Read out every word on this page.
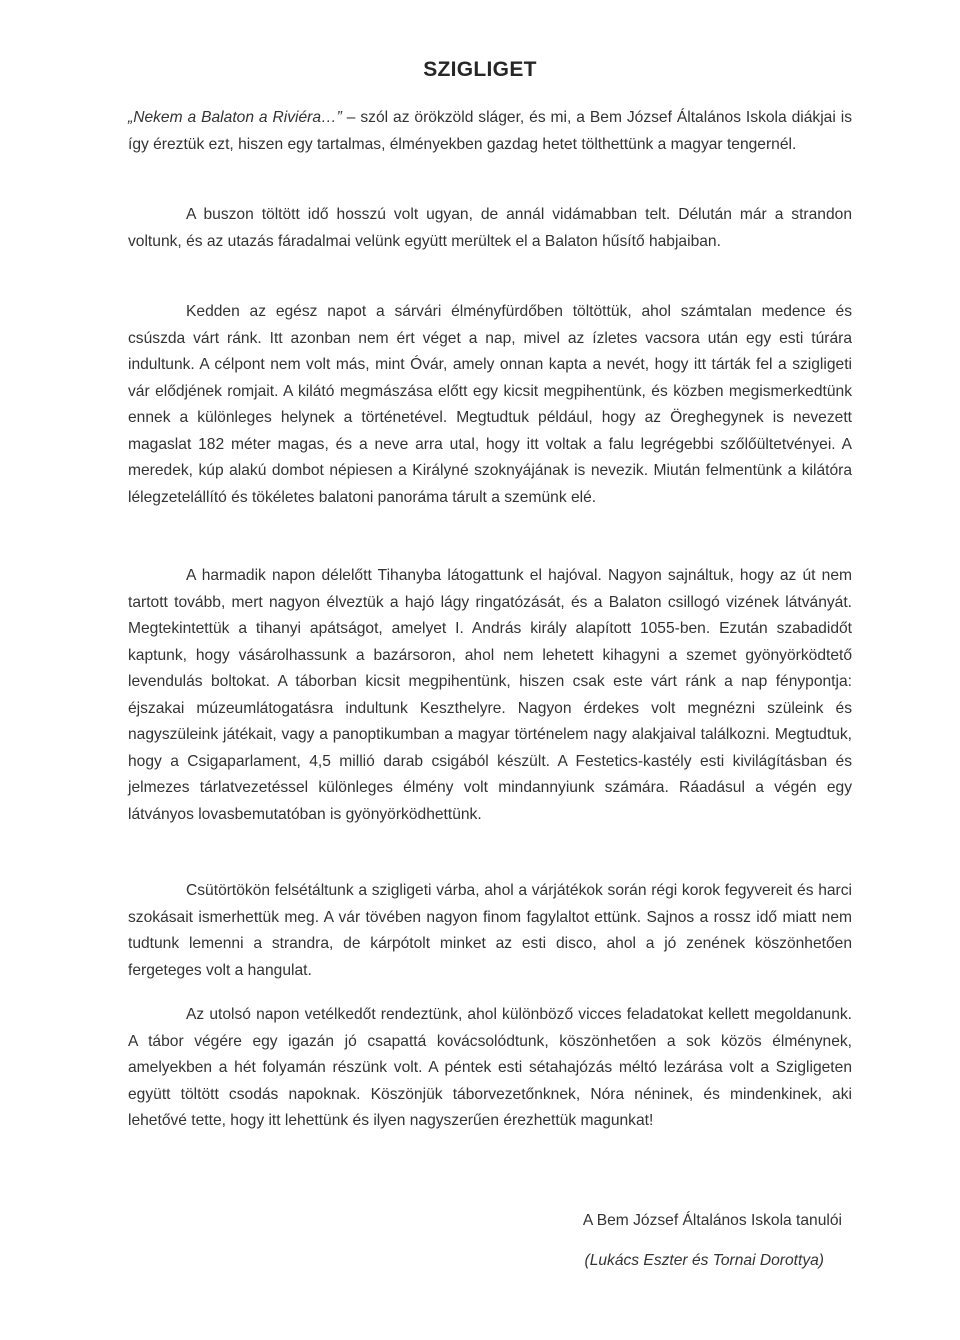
SZIGLIGET

„Nekem a Balaton a Riviéra…” – szól az örökzöld sláger, és mi, a Bem József Általános Iskola diákjai is így éreztük ezt, hiszen egy tartalmas, élményekben gazdag hetet tölthettünk a magyar tengernél.

A buszon töltött idő hosszú volt ugyan, de annál vidámabban telt. Délután már a strandon voltunk, és az utazás fáradalmai velünk együtt merültek el a Balaton hűsítő habjaiban.

Kedden az egész napot a sárvári élményfürdőben töltöttük, ahol számtalan medence és csúszda várt ránk. Itt azonban nem ért véget a nap, mivel az ízletes vacsora után egy esti túrára indultunk. A célpont nem volt más, mint Óvár, amely onnan kapta a nevét, hogy itt tárták fel a szigligeti vár elődjének romjait. A kilátó megmászása előtt egy kicsit megpihentünk, és közben megismerkedtünk ennek a különleges helynek a történetével. Megtudtuk például, hogy az Öreghegynek is nevezett magaslat 182 méter magas, és a neve arra utal, hogy itt voltak a falu legrégebbi szőlőültetvényei. A meredek, kúp alakú dombot népiesen a Királyné szoknyájának is nevezik. Miután felmentünk a kilátóra lélegzetelállító és tökéletes balatoni panoráma tárult a szemünk elé.

A harmadik napon délelőtt Tihanyba látogattunk el hajóval. Nagyon sajnáltuk, hogy az út nem tartott tovább, mert nagyon élveztük a hajó lágy ringatózását, és a Balaton csillogó vizének látványát. Megtekintettük a tihanyi apátságot, amelyet I. András király alapított 1055-ben. Ezután szabadidőt kaptunk, hogy vásárolhassunk a bazársoron, ahol nem lehetett kihagyni a szemet gyönyörködtető levendulás boltokat. A táborban kicsit megpihentünk, hiszen csak este várt ránk a nap fénypontja: éjszakai múzeumlátogatásra indultunk Keszthelyre. Nagyon érdekes volt megnézni szüleink és nagyszüleink játékait, vagy a panoptikumban a magyar történelem nagy alakjaival találkozni. Megtudtuk, hogy a Csigaparlament, 4,5 millió darab csigából készült. A Festetics-kastély esti kivilágításban és jelmezes tárlatvezetéssel különleges élmény volt mindannyiunk számára. Ráadásul a végén egy látványos lovasbemutatóban is gyönyörködhettünk.

Csütörtökön felsétáltunk a szigligeti várba, ahol a várjátékok során régi korok fegyvereit és harci szokásait ismerhettük meg. A vár tövében nagyon finom fagylaltot ettünk. Sajnos a rossz idő miatt nem tudtunk lemenni a strandra, de kárpótolt minket az esti disco, ahol a jó zenének köszönhetően fergeteges volt a hangulat.

Az utolsó napon vetélkedőt rendeztünk, ahol különböző vicces feladatokat kellett megoldanunk. A tábor végére egy igazán jó csapattá kovácsolódtunk, köszönhetően a sok közös élménynek, amelyekben a hét folyamán részünk volt. A péntek esti sétahajózás méltó lezárása volt a Szigligeten együtt töltött csodás napoknak. Köszönjük táborvezetőnknek, Nóra néninek, és mindenkinek, aki lehetővé tette, hogy itt lehettünk és ilyen nagyszerűen érezhettük magunkat!

A Bem József Általános Iskola tanulói
(Lukács Eszter és Tornai Dorottya)
